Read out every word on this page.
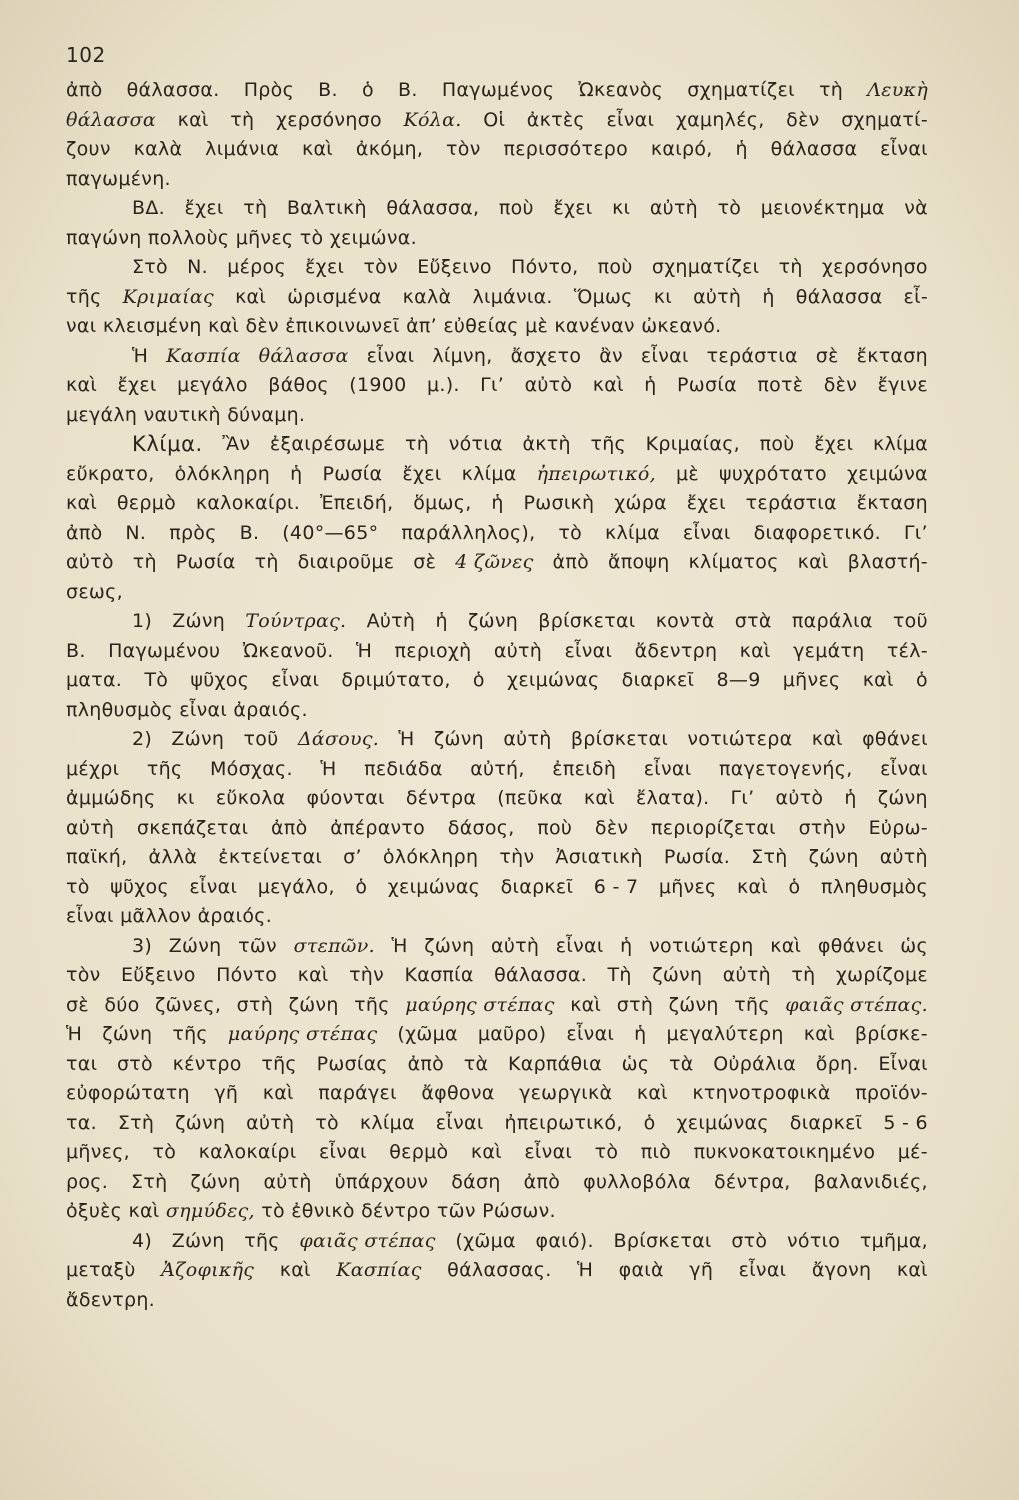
102
ἀπὸ θάλασσα. Πρὸς Β. ὁ Β. Παγωμένος Ὠκεανὸς σχηματίζει τὴ Λευκὴ
θάλασσα καὶ τὴ χερσόνησο Κόλα. Οἱ ἀκτὲς εἶναι χαμηλές, δὲν σχηματί-
ζουν καλὰ λιμάνια καὶ ἀκόμη, τὸν περισσότερο καιρό, ἡ θάλασσα εἶναι
παγωμένη.
ΒΔ. ἔχει τὴ Βαλτικὴ θάλασσα, ποὺ ἔχει κι αὐτὴ τὸ μειονέκτημα νὰ
παγώνη
πολλοὺς
μῆνες
τὸ
χειμώνα.
Στὸ Ν. μέρος ἔχει τὸν Εὔξεινο Πόντο, ποὺ σχηματίζει τὴ χερσόνησο
τῆς Κριμαίας καὶ ὡρισμένα καλὰ λιμάνια. Ὅμως κι αὐτὴ ἡ θάλασσα εἶ-
ναι
κλεισμένη
καὶ
δὲν
ἐπικοινωνεῖ
ἀπ’
εὐθείας
μὲ
κανέναν
ὠκεανό.
Ἡ Κασπία θάλασσα εἶναι λίμνη, ἄσχετο ἂν εἶναι τεράστια σὲ ἔκταση
καὶ ἔχει μεγάλο βάθος (1900 μ.). Γι’ αὐτὸ καὶ ἡ Ρωσία ποτὲ δὲν ἔγινε
μεγάλη
ναυτικὴ
δύναμη.
Κλίμα. Ἂν ἐξαιρέσωμε τὴ νότια ἀκτὴ τῆς Κριμαίας, ποὺ ἔχει κλίμα
εὔκρατο, ὁλόκληρη ἡ Ρωσία ἔχει κλίμα ἠπειρωτικό, μὲ ψυχρότατο χειμώνα
καὶ θερμὸ καλοκαίρι. Ἐπειδή, ὅμως, ἡ Ρωσικὴ χώρα ἔχει τεράστια ἔκταση
ἀπὸ Ν. πρὸς Β. (40°—65° παράλληλος), τὸ κλίμα εἶναι διαφορετικό. Γι’
αὐτὸ τὴ Ρωσία τὴ διαιροῦμε σὲ 4 ζῶνες ἀπὸ ἄποψη κλίματος καὶ βλαστή-
σεως,
1) Ζώνη Τούντρας. Αὐτὴ ἡ ζώνη βρίσκεται κοντὰ στὰ παράλια τοῦ
Β. Παγωμένου Ὠκεανοῦ. Ἡ περιοχὴ αὐτὴ εἶναι ἄδεντρη καὶ γεμάτη τέλ-
ματα. Τὸ ψῦχος εἶναι δριμύτατο, ὁ χειμώνας διαρκεῖ 8—9 μῆνες καὶ ὁ
πληθυσμὸς
εἶναι
ἀραιός.
2) Ζώνη τοῦ Δάσους. Ἡ ζώνη αὐτὴ βρίσκεται νοτιώτερα καὶ φθάνει
μέχρι τῆς Μόσχας. Ἡ πεδιάδα αὐτή, ἐπειδὴ εἶναι παγετογενής, εἶναι
ἀμμώδης κι εὔκολα φύονται δέντρα (πεῦκα καὶ ἔλατα). Γι’ αὐτὸ ἡ ζώνη
αὐτὴ σκεπάζεται ἀπὸ ἀπέραντο δάσος, ποὺ δὲν περιορίζεται στὴν Εὐρω-
παϊκή, ἀλλὰ ἐκτείνεται σ’ ὁλόκληρη τὴν Ἀσιατικὴ Ρωσία. Στὴ ζώνη αὐτὴ
τὸ ψῦχος εἶναι μεγάλο, ὁ χειμώνας διαρκεῖ 6 - 7 μῆνες καὶ ὁ πληθυσμὸς
εἶναι
μᾶλλον
ἀραιός.
3) Ζώνη τῶν στεπῶν. Ἡ ζώνη αὐτὴ εἶναι ἡ νοτιώτερη καὶ φθάνει ὡς
τὸν Εὔξεινο Πόντο καὶ τὴν Κασπία θάλασσα. Τὴ ζώνη αὐτὴ τὴ χωρίζομε
σὲ δύο ζῶνες, στὴ ζώνη τῆς μαύρης στέπας καὶ στὴ ζώνη τῆς φαιᾶς στέπας.
Ἡ ζώνη τῆς μαύρης στέπας (χῶμα μαῦρο) εἶναι ἡ μεγαλύτερη καὶ βρίσκε-
ται στὸ κέντρο τῆς Ρωσίας ἀπὸ τὰ Καρπάθια ὡς τὰ Οὐράλια ὄρη. Εἶναι
εὐφορώτατη γῆ καὶ παράγει ἄφθονα γεωργικὰ καὶ κτηνοτροφικὰ προϊόν-
τα. Στὴ ζώνη αὐτὴ τὸ κλίμα εἶναι ἠπειρωτικό, ὁ χειμώνας διαρκεῖ 5 - 6
μῆνες, τὸ καλοκαίρι εἶναι θερμὸ καὶ εἶναι τὸ πιὸ πυκνοκατοικημένο μέ-
ρος. Στὴ ζώνη αὐτὴ ὑπάρχουν δάση ἀπὸ φυλλοβόλα δέντρα, βαλανιδιές,
ὀξυὲς
καὶ
σημύδες,
τὸ
ἐθνικὸ
δέντρο
τῶν
Ρώσων.
4) Ζώνη τῆς φαιᾶς στέπας (χῶμα φαιό). Βρίσκεται στὸ νότιο τμῆμα,
μεταξὺ Ἀζοφικῆς καὶ Κασπίας θάλασσας. Ἡ φαιὰ γῆ εἶναι ἄγονη καὶ
ἄδεντρη.
